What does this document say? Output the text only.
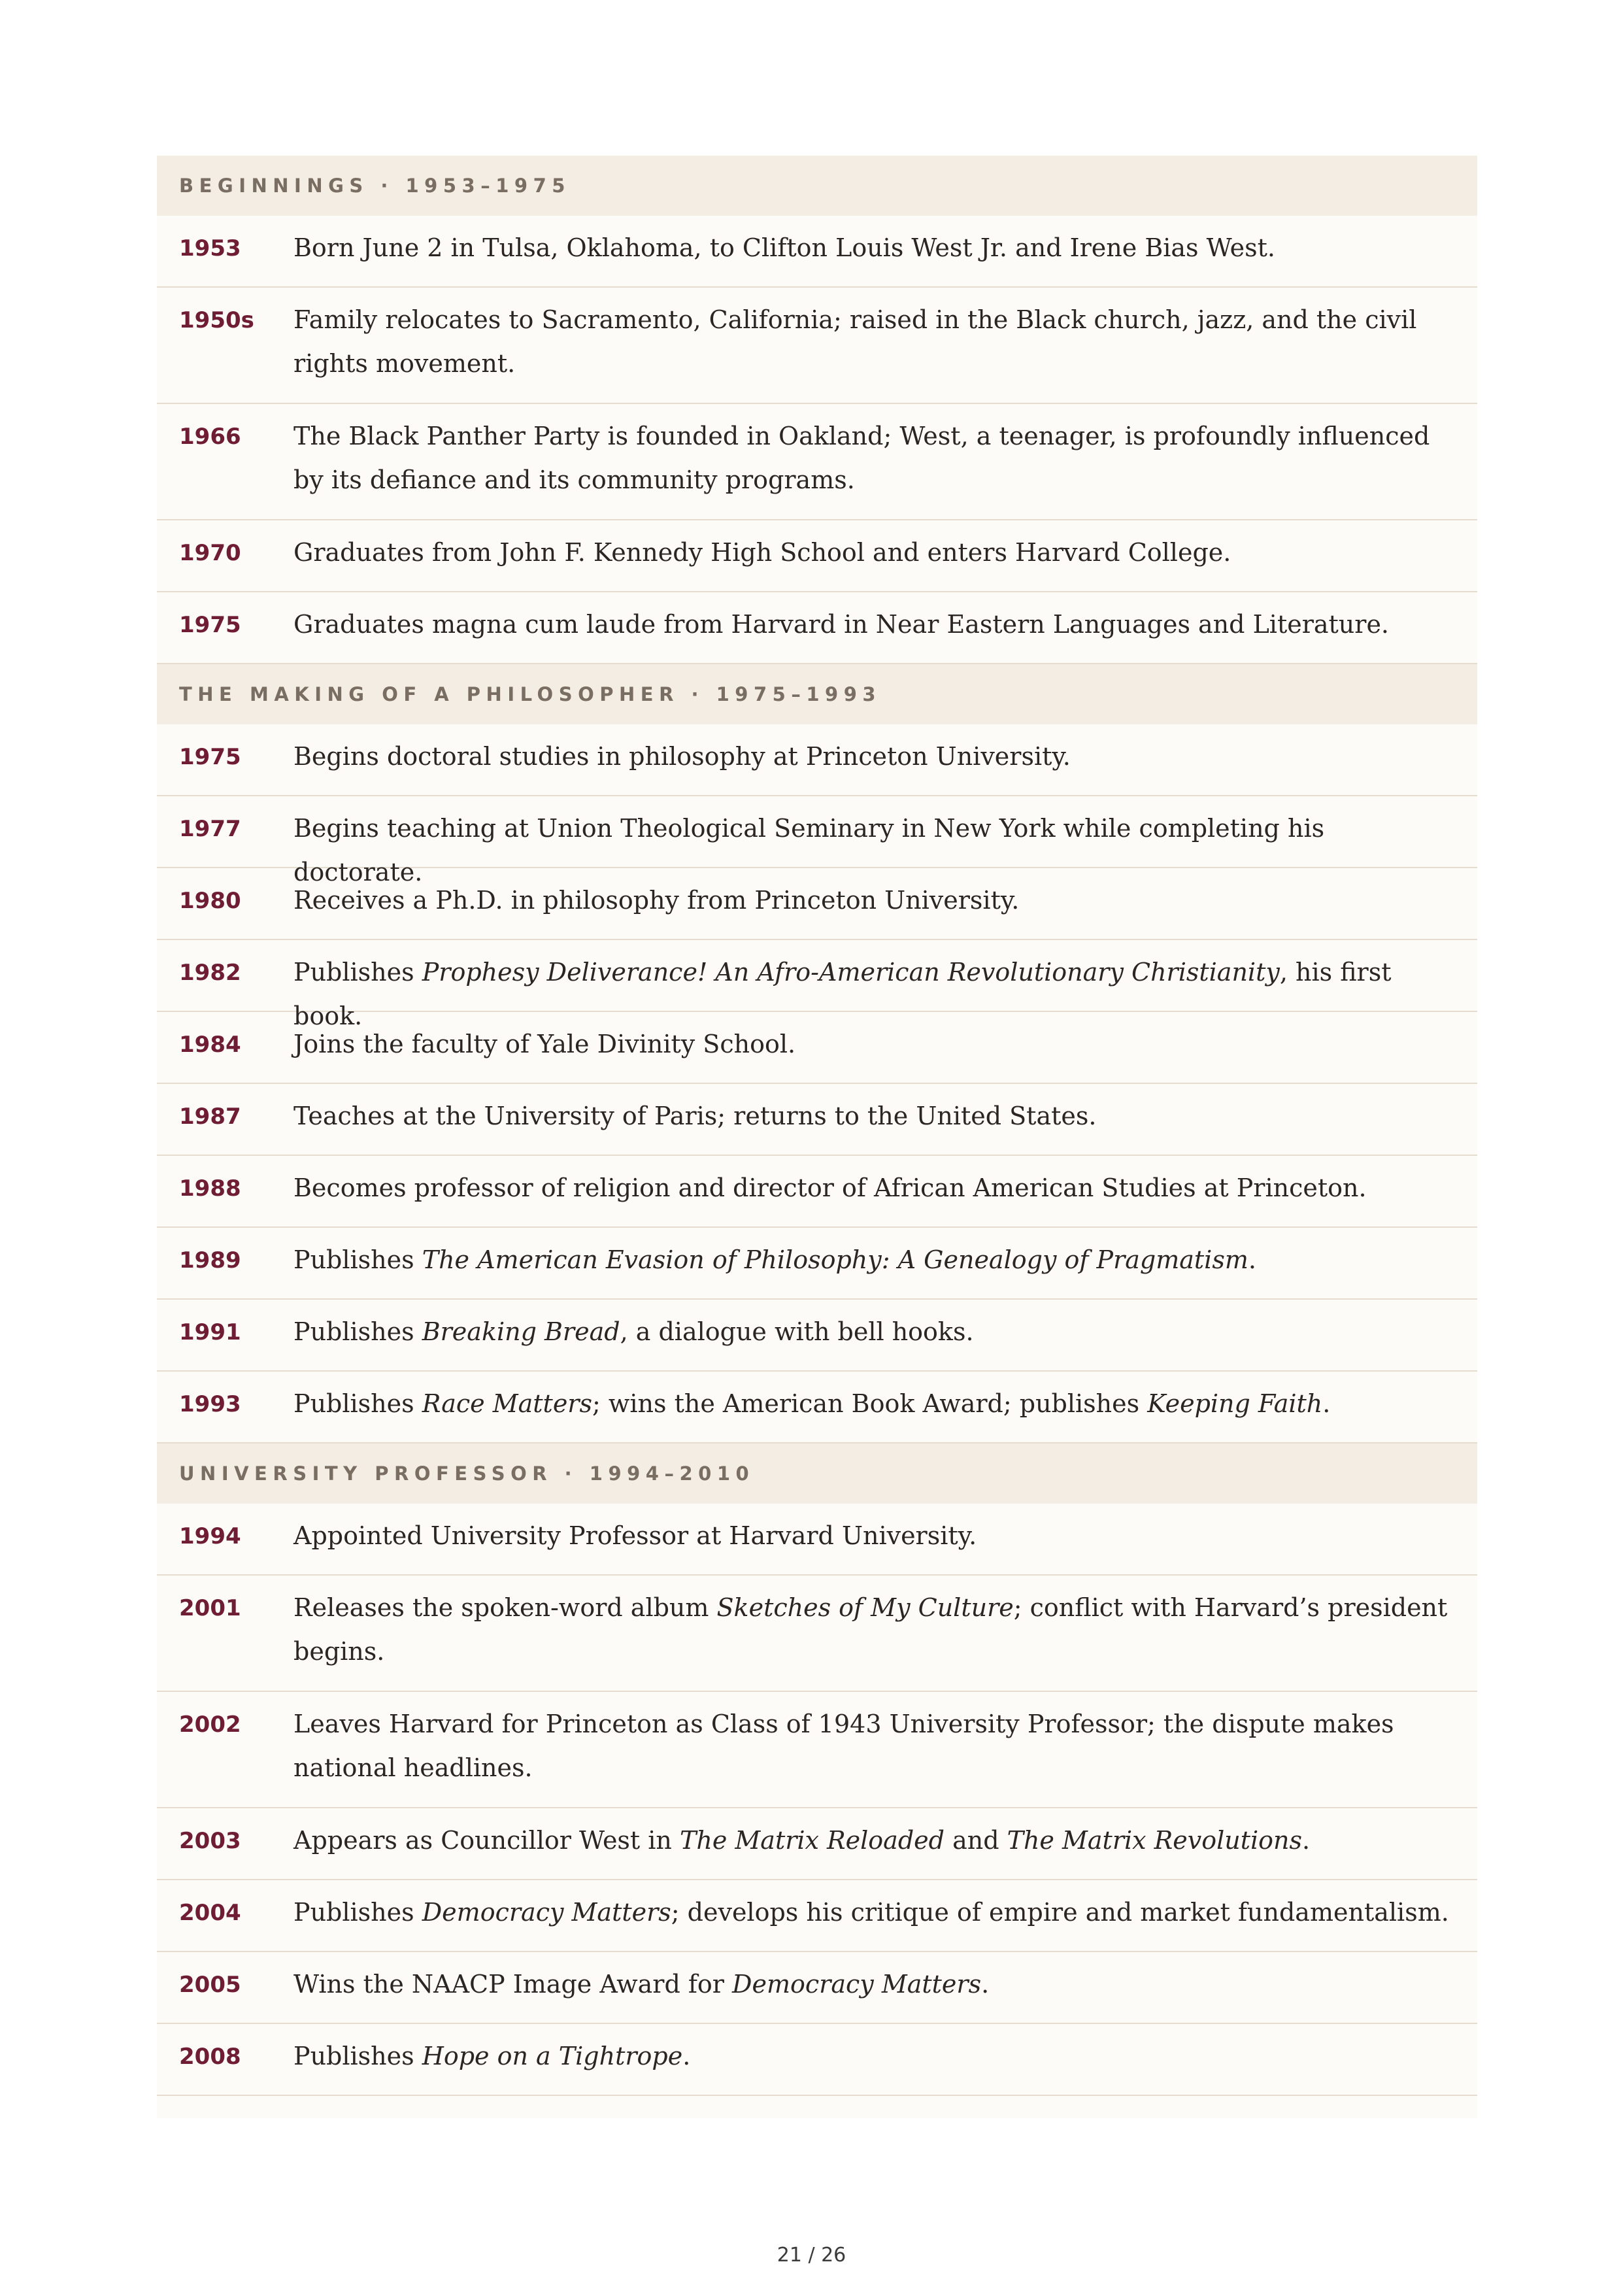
BEGINNINGS · 1953–1975
1953	Born June 2 in Tulsa, Oklahoma, to Clifton Louis West Jr. and Irene Bias West.
1950s	Family relocates to Sacramento, California; raised in the Black church, jazz, and the civil rights movement.
1966	The Black Panther Party is founded in Oakland; West, a teenager, is profoundly influenced by its defiance and its community programs.
1970	Graduates from John F. Kennedy High School and enters Harvard College.
1975	Graduates magna cum laude from Harvard in Near Eastern Languages and Literature.
THE MAKING OF A PHILOSOPHER · 1975–1993
1975	Begins doctoral studies in philosophy at Princeton University.
1977	Begins teaching at Union Theological Seminary in New York while completing his doctorate.
1980	Receives a Ph.D. in philosophy from Princeton University.
1982	Publishes Prophesy Deliverance! An Afro-American Revolutionary Christianity, his first book.
1984	Joins the faculty of Yale Divinity School.
1987	Teaches at the University of Paris; returns to the United States.
1988	Becomes professor of religion and director of African American Studies at Princeton.
1989	Publishes The American Evasion of Philosophy: A Genealogy of Pragmatism.
1991	Publishes Breaking Bread, a dialogue with bell hooks.
1993	Publishes Race Matters; wins the American Book Award; publishes Keeping Faith.
UNIVERSITY PROFESSOR · 1994–2010
1994	Appointed University Professor at Harvard University.
2001	Releases the spoken-word album Sketches of My Culture; conflict with Harvard’s president begins.
2002	Leaves Harvard for Princeton as Class of 1943 University Professor; the dispute makes national headlines.
2003	Appears as Councillor West in The Matrix Reloaded and The Matrix Revolutions.
2004	Publishes Democracy Matters; develops his critique of empire and market fundamentalism.
2005	Wins the NAACP Image Award for Democracy Matters.
2008	Publishes Hope on a Tightrope.
21 / 26
